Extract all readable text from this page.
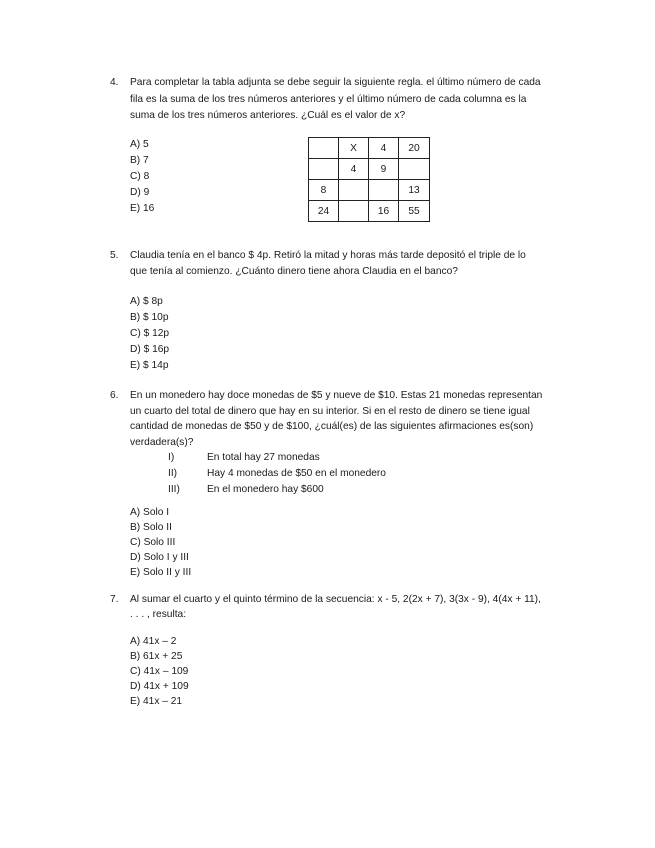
4. Para completar la tabla adjunta se debe seguir la siguiente regla. el último número de cada
fila es la suma de los tres números anteriores y el último número de cada columna es la
suma de los tres números anteriores. ¿Cuál es el valor de x?
A) 5
B) 7
C) 8
D) 9
E) 16
	X	4	20
	4	9	
8			13
24		16	55
5. Claudia tenía en el banco $ 4p. Retiró la mitad y horas más tarde depositó el triple de lo
que tenía al comienzo. ¿Cuánto dinero tiene ahora Claudia en el banco?
A) $ 8p
B) $ 10p
C) $ 12p
D) $ 16p
E) $ 14p
6. En un monedero hay doce monedas de $5 y nueve de $10. Estas 21 monedas representan
un cuarto del total de dinero que hay en su interior. Si en el resto de dinero se tiene igual
cantidad de monedas de $50 y de $100, ¿cuál(es) de las siguientes afirmaciones es(son)
verdadera(s)?
I)	En total hay 27 monedas
II)	Hay 4 monedas de $50 en el monedero
III)	En el monedero hay $600
A) Solo I
B) Solo II
C) Solo III
D) Solo I y III
E) Solo II y III
7. Al sumar el cuarto y el quinto término de la secuencia: x - 5, 2(2x + 7), 3(3x - 9), 4(4x + 11),
. . . , resulta:
A) 41x – 2
B) 61x + 25
C) 41x – 109
D) 41x + 109
E) 41x – 21
